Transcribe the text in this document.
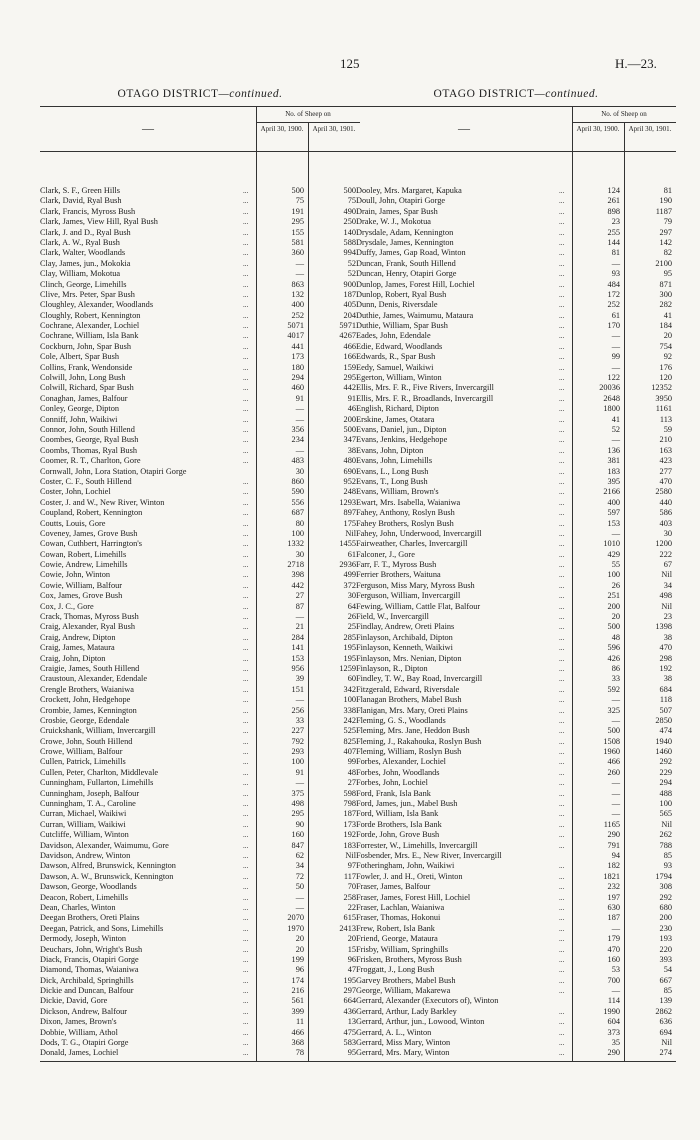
125	H.—23.
OTAGO DISTRICT—continued.
—
No. of Sheep on
April 30, 1900.	April 30, 1901.
Clark, S. F., Green Hills	...	500	500
Clark, David, Ryal Bush	...	75	75
Clark, Francis, Myross Bush	...	191	490
Clark, James, View Hill, Ryal Bush	...	295	250
Clark, J. and D., Ryal Bush	...	155	140
Clark, A. W., Ryal Bush	...	581	588
Clark, Walter, Woodlands	...	360	994
Clay, James, jun., Mokokia	...	—	52
Clay, William, Mokotua	...	—	52
Clinch, George, Limehills	...	863	900
Clive, Mrs. Peter, Spar Bush	...	132	187
Cloughley, Alexander, Woodlands	...	400	405
Cloughly, Robert, Kennington	...	252	204
Cochrane, Alexander, Lochiel	...	5071	5971
Cochrane, William, Isla Bank	...	4017	4267
Cockburn, John, Spar Bush	...	441	466
Cole, Albert, Spar Bush	...	173	166
Collins, Frank, Wendonside	...	180	159
Colwill, John, Long Bush	...	294	295
Colwill, Richard, Spar Bush	...	460	442
Conaghan, James, Balfour	...	91	91
Conley, George, Dipton	...	—	46
Conniff, John, Waikiwi	...	—	200
Connor, John, South Hillend	...	356	500
Coombes, George, Ryal Bush	...	234	347
Coombs, Thomas, Ryal Bush	...	—	38
Coomer, R. T., Charlton, Gore	...	483	480
Cornwall, John, Lora Station, Otapiri Gorge	30	690
Coster, C. F., South Hillend	...	860	952
Coster, John, Lochiel	...	590	248
Coster, J. and W., New River, Winton	...	556	1293
Coupland, Robert, Kennington	...	687	897
Coutts, Louis, Gore	...	80	175
Coveney, James, Grove Bush	...	100	Nil
Cowan, Cuthbert, Harrington's	...	1332	1455
Cowan, Robert, Limehills	...	30	61
Cowie, Andrew, Limehills	...	2718	2936
Cowie, John, Winton	...	398	499
Cowie, William, Balfour	...	442	372
Cox, James, Grove Bush	...	27	30
Cox, J. C., Gore	...	87	64
Crack, Thomas, Myross Bush	...	—	26
Craig, Alexander, Ryal Bush	...	21	25
Craig, Andrew, Dipton	...	284	285
Craig, James, Mataura	...	141	195
Craig, John, Dipton	...	153	195
Craigie, James, South Hillend	...	956	1259
Craustoun, Alexander, Edendale	...	39	60
Crengle Brothers, Waianiwa	...	151	342
Crockett, John, Hedgehope	...	—	100
Crombie, James, Kennington	...	256	338
Crosbie, George, Edendale	...	33	242
Cruickshank, William, Invercargill	...	227	525
Crowe, John, South Hillend	...	792	825
Crowe, William, Balfour	...	293	407
Cullen, Patrick, Limehills	...	100	99
Cullen, Peter, Charlton, Middlevale	...	91	48
Cunningham, Fullarton, Limehills	...	—	27
Cunningham, Joseph, Balfour	...	375	598
Cunningham, T. A., Caroline	...	498	798
Curran, Michael, Waikiwi	...	295	187
Curran, William, Waikiwi	...	90	173
Cutcliffe, William, Winton	...	160	192
Davidson, Alexander, Waimumu, Gore	...	847	183
Davidson, Andrew, Winton	...	62	Nil
Dawson, Alfred, Brunswick, Kennington	...	34	97
Dawson, A. W., Brunswick, Kennington	...	72	117
Dawson, George, Woodlands	...	50	70
Deacon, Robert, Limehills	...	—	258
Dean, Charles, Winton	...	—	22
Deegan Brothers, Oreti Plains	...	2070	615
Deegan, Patrick, and Sons, Limehills	...	1970	2413
Dermody, Joseph, Winton	...	20	20
Deuchars, John, Wright's Bush	...	20	15
Diack, Francis, Otapiri Gorge	...	199	96
Diamond, Thomas, Waianiwa	...	96	47
Dick, Archibald, Springhills	...	174	195
Dickie and Duncan, Balfour	...	216	297
Dickie, David, Gore	...	561	664
Dickson, Andrew, Balfour	...	399	436
Dixon, James, Brown's	...	11	13
Dobbie, William, Athol	...	466	475
Dods, T. G., Otapiri Gorge	...	368	583
Donald, James, Lochiel	...	78	95
OTAGO DISTRICT—continued.
—
No. of Sheep on
April 30, 1900.	April 30, 1901.
Dooley, Mrs. Margaret, Kapuka	...	124	81
Doull, John, Otapiri Gorge	...	261	190
Drain, James, Spar Bush	...	898	1187
Drake, W. J., Mokotua	...	23	79
Drysdale, Adam, Kennington	...	255	297
Drysdale, James, Kennington	...	144	142
Duffy, James, Gap Road, Winton	...	81	82
Duncan, Frank, South Hillend	...	—	2100
Duncan, Henry, Otapiri Gorge	...	93	95
Dunlop, James, Forest Hill, Lochiel	...	484	871
Dunlop, Robert, Ryal Bush	...	172	300
Dunn, Denis, Riversdale	...	252	282
Duthie, James, Waimumu, Mataura	...	61	41
Duthie, William, Spar Bush	...	170	184
Eades, John, Edendale	...	—	20
Edie, Edward, Woodlands	...	—	754
Edwards, R., Spar Bush	...	99	92
Eedy, Samuel, Waikiwi	...	—	176
Egerton, William, Winton	...	122	120
Ellis, Mrs. F. R., Five Rivers, Invercargill	...	20036	12352
Ellis, Mrs. F. R., Broadlands, Invercargill	...	2648	3950
English, Richard, Dipton	...	1800	1161
Erskine, James, Otatara	...	41	113
Evans, Daniel, jun., Dipton	...	52	59
Evans, Jenkins, Hedgehope	...	—	210
Evans, John, Dipton	...	136	163
Evans, John, Limehills	...	381	423
Evans, L., Long Bush	...	183	277
Evans, T., Long Bush	...	395	470
Evans, William, Brown's	...	2166	2580
Ewart, Mrs. Isabella, Waianiwa	...	400	440
Fahey, Anthony, Roslyn Bush	...	597	586
Fahey Brothers, Roslyn Bush	...	153	403
Fahey, John, Underwood, Invercargill	...	—	30
Fairweather, Charles, Invercargill	...	1010	1200
Falconer, J., Gore	...	429	222
Farr, F. T., Myross Bush	...	55	67
Ferrier Brothers, Waituna	...	100	Nil
Ferguson, Miss Mary, Myross Bush	...	26	34
Ferguson, William, Invercargill	...	251	498
Fewing, William, Cattle Flat, Balfour	...	200	Nil
Field, W., Invercargill	...	20	23
Findlay, Andrew, Oreti Plains	...	500	1398
Finlayson, Archibald, Dipton	...	48	38
Finlayson, Kenneth, Waikiwi	...	596	470
Finlayson, Mrs. Nenian, Dipton	...	426	298
Finlayson, R., Dipton	...	86	192
Findley, T. W., Bay Road, Invercargill	...	33	38
Fitzgerald, Edward, Riversdale	...	592	684
Flanagan Brothers, Mabel Bush	...	—	118
Flanigan, Mrs. Mary, Oreti Plains	...	325	507
Fleming, G. S., Woodlands	...	—	2850
Fleming, Mrs. Jane, Heddon Bush	...	500	474
Fleming, J., Rakahouka, Roslyn Bush	...	1508	1940
Fleming, William, Roslyn Bush	...	1960	1460
Forbes, Alexander, Lochiel	...	466	292
Forbes, John, Woodlands	...	260	229
Forbes, John, Lochiel	...	—	294
Ford, Frank, Isla Bank	...	—	488
Ford, James, jun., Mabel Bush	...	—	100
Ford, William, Isla Bank	...	—	565
Forde Brothers, Isla Bank	...	1165	Nil
Forde, John, Grove Bush	...	290	262
Forrester, W., Limehills, Invercargill	...	791	788
Fosbender, Mrs. E., New River, Invercargill	94	85
Fotheringham, John, Waikiwi	...	182	93
Fowler, J. and H., Oreti, Winton	...	1821	1794
Fraser, James, Balfour	...	232	308
Fraser, James, Forest Hill, Lochiel	...	197	292
Fraser, Lachlan, Waianiwa	...	630	680
Fraser, Thomas, Hokonui	...	187	200
Frew, Robert, Isla Bank	...	—	230
Friend, George, Mataura	...	179	193
Frisby, William, Springhills	...	470	220
Frisken, Brothers, Myross Bush	...	160	393
Froggatt, J., Long Bush	...	53	54
Garvey Brothers, Mabel Bush	...	700	667
George, William, Makarewa	...	—	85
Gerrard, Alexander (Executors of), Winton	114	139
Gerrard, Arthur, Lady Barkley	...	1990	2862
Gerrard, Arthur, jun., Lowood, Winton	...	604	636
Gerrard, A. L., Winton	...	373	694
Gerrard, Miss Mary, Winton	...	35	Nil
Gerrard, Mrs. Mary, Winton	...	290	274
